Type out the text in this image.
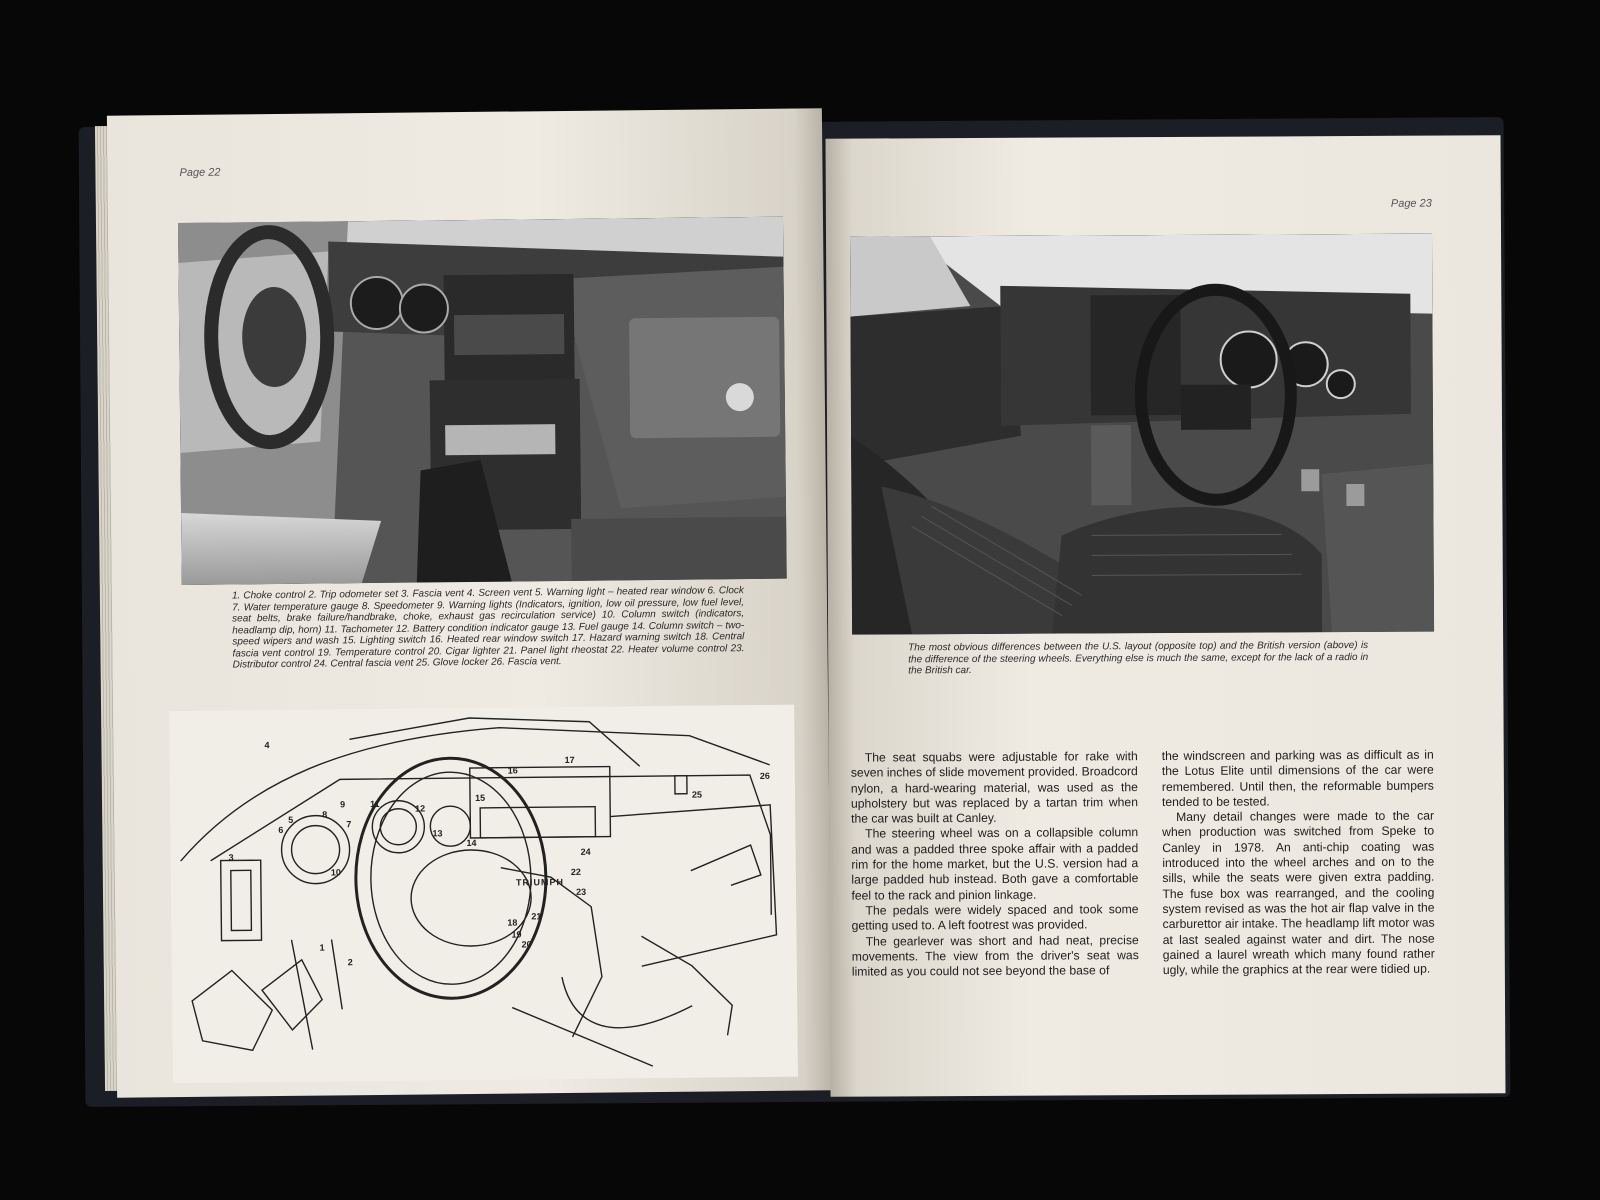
Page 22
1. Choke control 2. Trip odometer set 3. Fascia vent 4. Screen vent 5. Warning light – heated rear window 6. Clock 7. Water temperature gauge 8. Speedometer 9. Warning lights (Indicators, ignition, low oil pressure, low fuel level, seat belts, brake failure/handbrake, choke, exhaust gas recirculation service) 10. Column switch (indicators, headlamp dip, horn) 11. Tachometer 12. Battery condition indicator gauge 13. Fuel gauge 14. Column switch – two-speed wipers and wash 15. Lighting switch 16. Heated rear window switch 17. Hazard warning switch 18. Central fascia vent control 19. Temperature control 20. Cigar lighter 21. Panel light rheostat 22. Heater volume control 23. Distributor control 24. Central fascia vent 25. Glove locker 26. Fascia vent.
TRIUMPH
1
2
3
4
5
6
7
8
9
10
11	12
13
14
15
16
17
18
19
20
21
22
23
24
25
26
Page 23
The most obvious differences between the U.S. layout (opposite top) and the British version (above) is the difference of the steering wheels. Everything else is much the same, except for the lack of a radio in the British car.

The seat squabs were adjustable for rake with seven inches of slide movement provided. Broadcord nylon, a hard-wearing material, was used as the upholstery but was replaced by a tartan trim when the car was built at Canley.

The steering wheel was on a collapsible column and was a padded three spoke affair with a padded rim for the home market, but the U.S. version had a large padded hub instead. Both gave a comfortable feel to the rack and pinion linkage.

The pedals were widely spaced and took some getting used to. A left footrest was provided.

The gearlever was short and had neat, precise movements. The view from the driver's seat was limited as you could not see beyond the base of

the windscreen and parking was as difficult as in the Lotus Elite until dimensions of the car were remembered. Until then, the reformable bumpers tended to be tested.

Many detail changes were made to the car when production was switched from Speke to Canley in 1978. An anti-chip coating was introduced into the wheel arches and on to the sills, while the seats were given extra padding. The fuse box was rearranged, and the cooling system revised as was the hot air flap valve in the carburettor air intake. The headlamp lift motor was at last sealed against water and dirt. The nose gained a laurel wreath which many found rather ugly, while the graphics at the rear were tidied up.
